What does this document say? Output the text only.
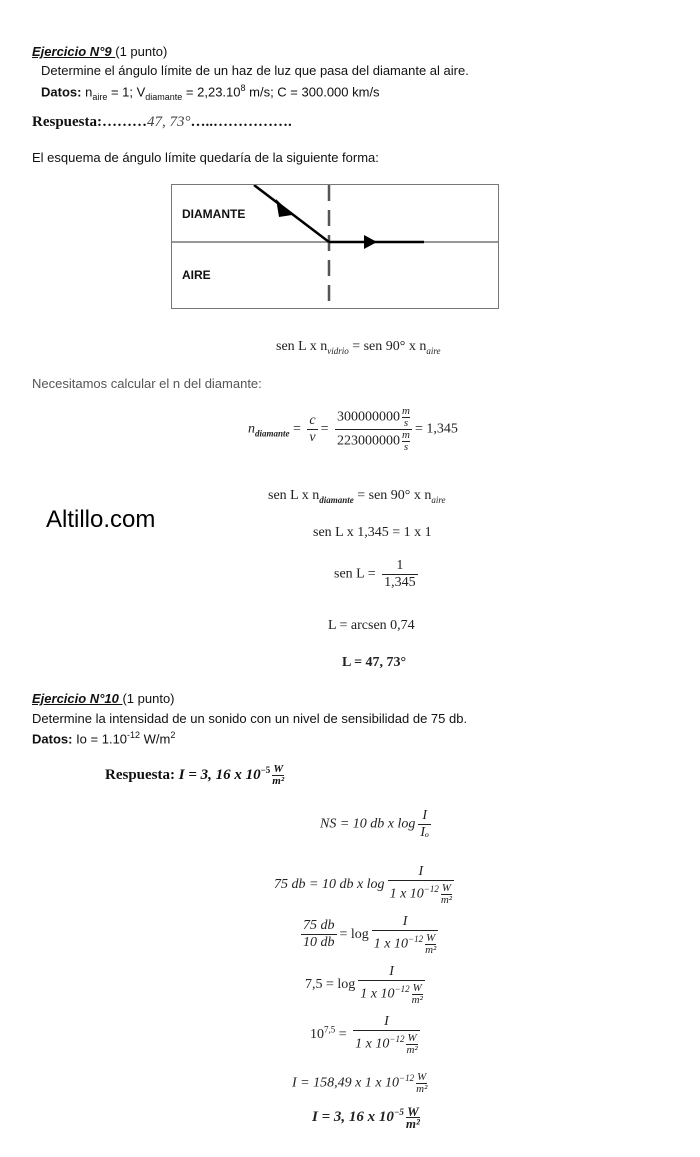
Ejercicio N°9 (1 punto)
Determine el ángulo límite de un haz de luz que pasa del diamante al aire.
Datos: $n_{aire} = 1$; $V_{diamante} = 2,23.10^8$ m/s; C = 300.000 km/s
Respuesta:………47, 73°…..…………….
El esquema de ángulo límite quedaría de la siguiente forma:
DIAMANTE
AIRE
sen L x $n_{vidrio}$ = sen 90° x $n_{aire}$
Necesitamos calcular el n del diamante:
$n_{diamante} = \frac{c}{v} = \frac{300000000 \frac{m}{s}}{223000000 \frac{m}{s}} = 1,345$
sen L x $n_{diamante}$ = sen 90° x $n_{aire}$
Altillo.com	sen L x 1,345 = 1 x 1
sen $L = \frac{1}{1,345}$
L = arcsen 0,74
L = 47, 73°
Ejercicio N°10 (1 punto)
Determine la intensidad de un sonido con un nivel de sensibilidad de 75 db.
Datos: $Io = 1.10^{-12}$ $W/m^2$
Respuesta: I = 3, 16 x $10^{-5} \frac{W}{\text{m²}}$
NS = 10 db x $\log \frac{I}{\text{Iₒ}}$
75 db = 10 db x $\log \frac{I}{1 x 10^{-12} \frac{W}{\text{m²}}}$
$\frac{75 db}{10 db} = \log \frac{I}{1 x 10^{-12} \frac{W}{\text{m²}}}$
$7,5 = \log \frac{I}{1 x 10^{-12} \frac{W}{\text{m²}}}$
$10^{7,5} = \frac{I}{1 x 10^{-12} \frac{W}{\text{m²}}}$
I = 158,49 x 1 x $10^{-12} \frac{W}{\text{m²}}$
I = 3, 16 x $10^{-5} \frac{W}{\text{m²}}$
